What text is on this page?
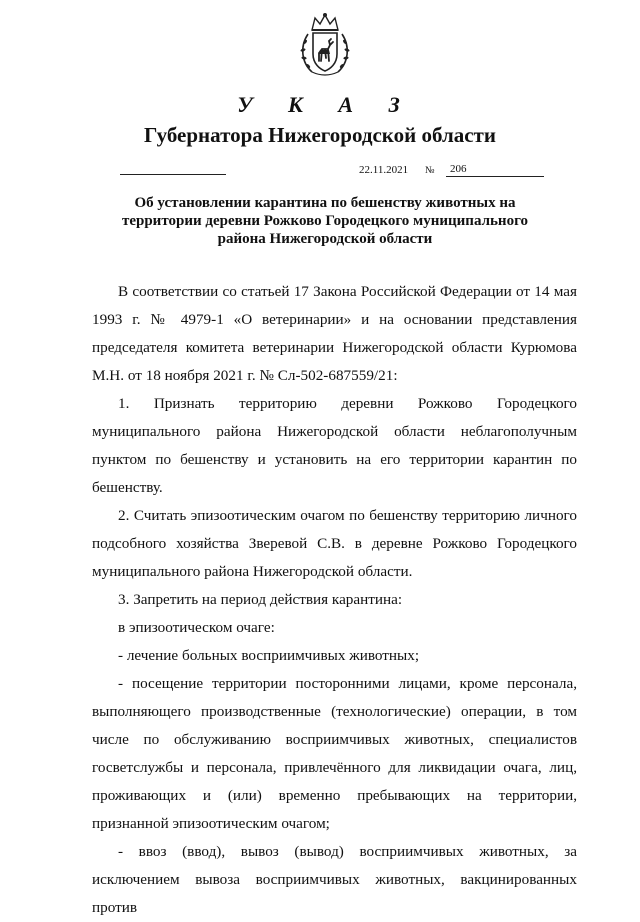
У К А З
Губернатора Нижегородской области
22.11.2021 №	206
Об установлении карантина по бешенству животных на
территории деревни Рожково Городецкого муниципального
района Нижегородской области

В соответствии со статьей 17 Закона Российской Федерации от 14 мая 1993 г. № 4979-1 «О ветеринарии» и на основании представления председателя комитета ветеринарии Нижегородской области Курюмова М.Н. от 18 ноября 2021 г. № Сл-502-687559/21:

1. Признать территорию деревни Рожково Городецкого муниципального района Нижегородской области неблагополучным пунктом по бешенству и установить на его территории карантин по бешенству.

2. Считать эпизоотическим очагом по бешенству территорию личного подсобного хозяйства Зверевой С.В. в деревне Рожково Городецкого муниципального района Нижегородской области.

3. Запретить на период действия карантина:

в эпизоотическом очаге:

- лечение больных восприимчивых животных;

- посещение территории посторонними лицами, кроме персонала, выполняющего производственные (технологические) операции, в том числе по обслуживанию восприимчивых животных, специалистов госветслужбы и персонала, привлечённого для ликвидации очага, лиц, проживающих и (или) временно пребывающих на территории, признанной эпизоотическим очагом;

- ввоз (ввод), вывоз (вывод) восприимчивых животных, за исключением вывоза восприимчивых животных, вакцинированных против
